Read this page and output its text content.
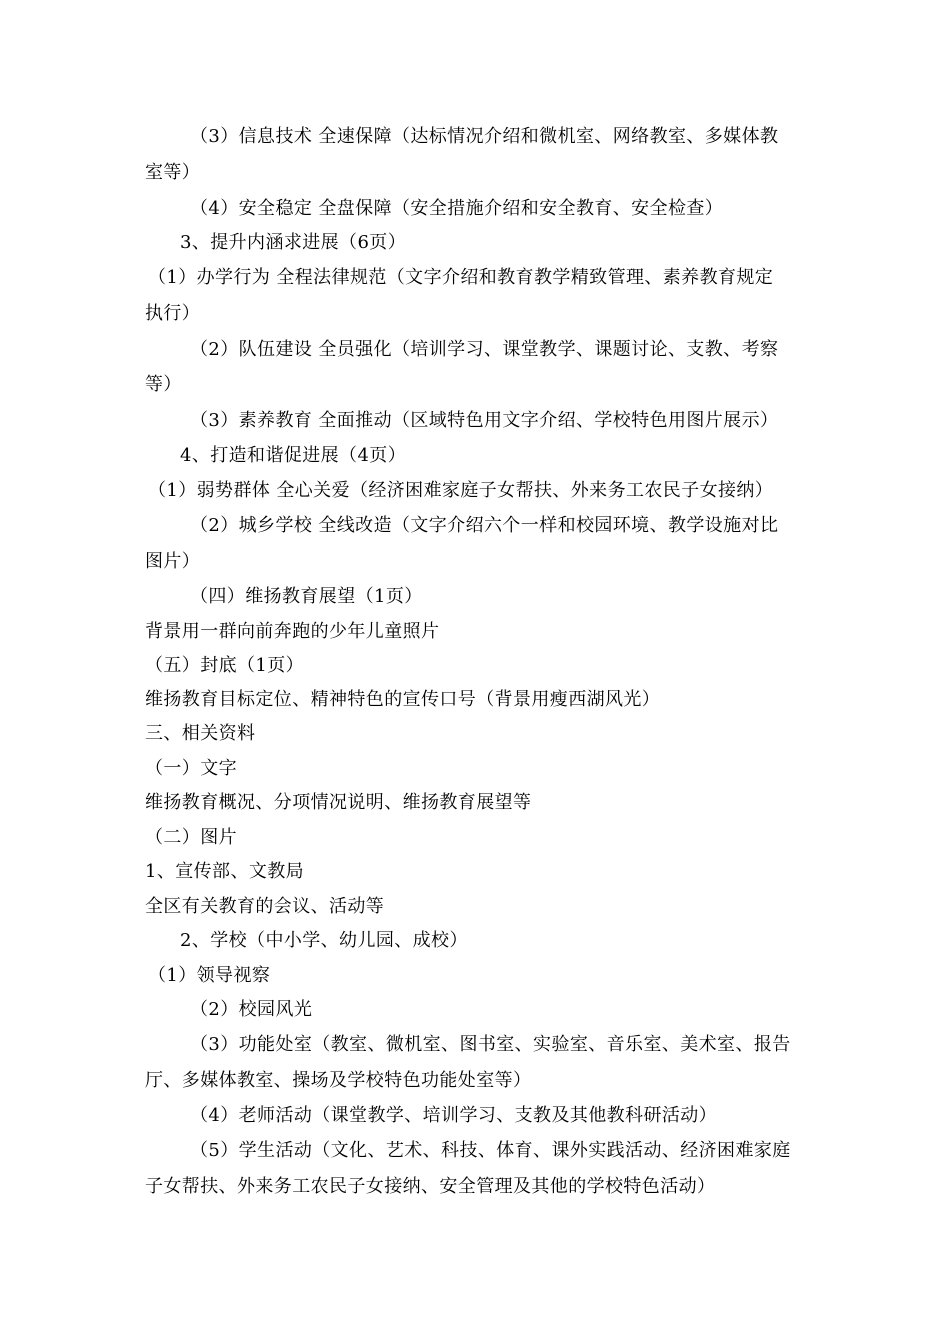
（3）信息技术 全速保障（达标情况介绍和微机室、网络教室、多媒体教
室等）
（4）安全稳定 全盘保障（安全措施介绍和安全教育、安全检查）
3、提升内涵求进展（6页）
（1）办学行为 全程法律规范（文字介绍和教育教学精致管理、素养教育规定
执行）
（2）队伍建设 全员强化（培训学习、课堂教学、课题讨论、支教、考察
等）
（3）素养教育 全面推动（区域特色用文字介绍、学校特色用图片展示）
4、打造和谐促进展（4页）
（1）弱势群体 全心关爱（经济困难家庭子女帮扶、外来务工农民子女接纳）
（2）城乡学校 全线改造（文字介绍六个一样和校园环境、教学设施对比
图片）
（四）维扬教育展望（1页）
背景用一群向前奔跑的少年儿童照片
（五）封底（1页）
维扬教育目标定位、精神特色的宣传口号（背景用瘦西湖风光）
三、相关资料
（一）文字
维扬教育概况、分项情况说明、维扬教育展望等
（二）图片
1、宣传部、文教局
全区有关教育的会议、活动等
2、学校（中小学、幼儿园、成校）
（1）领导视察
（2）校园风光
（3）功能处室（教室、微机室、图书室、实验室、音乐室、美术室、报告
厅、多媒体教室、操场及学校特色功能处室等）
（4）老师活动（课堂教学、培训学习、支教及其他教科研活动）
（5）学生活动（文化、艺术、科技、体育、课外实践活动、经济困难家庭
子女帮扶、外来务工农民子女接纳、安全管理及其他的学校特色活动）
